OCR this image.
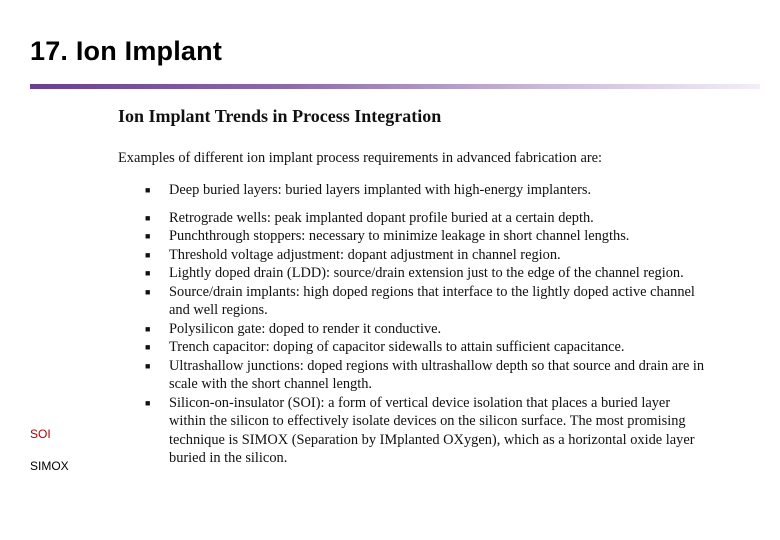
17. Ion Implant
SOI
SIMOX
Ion Implant Trends in Process Integration
Examples of different ion implant process requirements in advanced fabrication are:
■ Deep buried layers: buried layers implanted with high-energy implanters.
■ Retrograde wells: peak implanted dopant profile buried at a certain depth.
■ Punchthrough stoppers: necessary to minimize leakage in short channel lengths.
■ Threshold voltage adjustment: dopant adjustment in channel region.
■ Lightly doped drain (LDD): source/drain extension just to the edge of the channel region.
■ Source/drain implants: high doped regions that interface to the lightly doped active channel and well regions.
■ Polysilicon gate: doped to render it conductive.
■ Trench capacitor: doping of capacitor sidewalls to attain sufficient capacitance.
■ Ultrashallow junctions: doped regions with ultrashallow depth so that source and drain are in scale with the short channel length.
■ Silicon-on-insulator (SOI): a form of vertical device isolation that places a buried layer within the silicon to effectively isolate devices on the silicon surface. The most promising technique is SIMOX (Separation by IMplanted OXygen), which as a horizontal oxide layer buried in the silicon.
